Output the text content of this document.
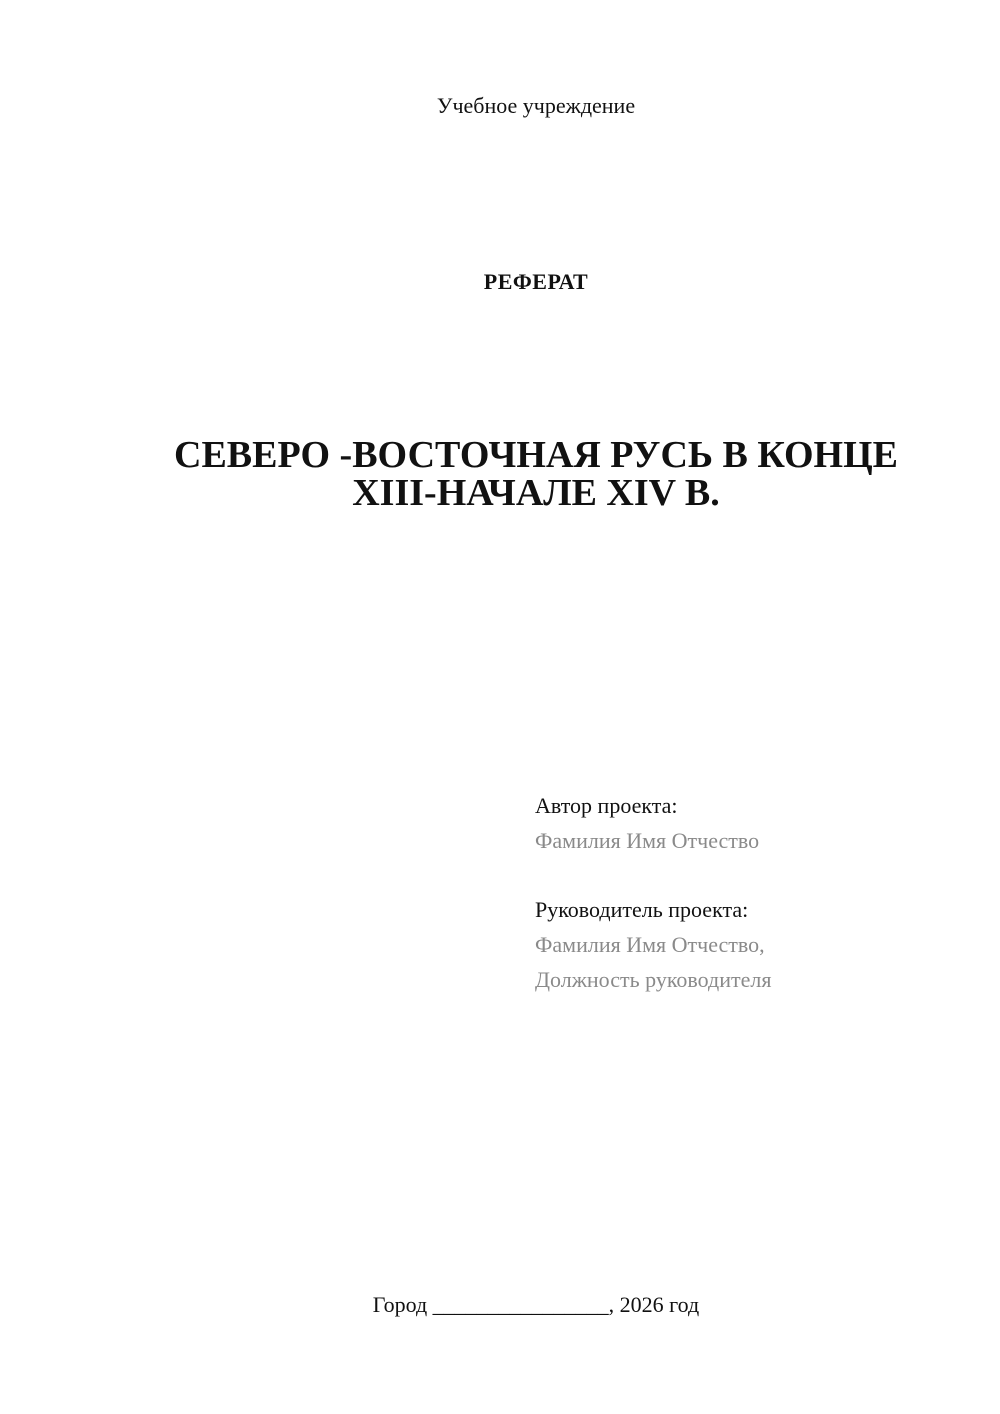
Учебное учреждение
РЕФЕРАТ
СЕВЕРО -ВОСТОЧНАЯ РУСЬ В КОНЦЕ
XIII-НАЧАЛЕ XIV В.
Автор проекта:
Фамилия Имя Отчество
Руководитель проекта:
Фамилия Имя Отчество,
Должность руководителя
Город ________________, 2026 год
